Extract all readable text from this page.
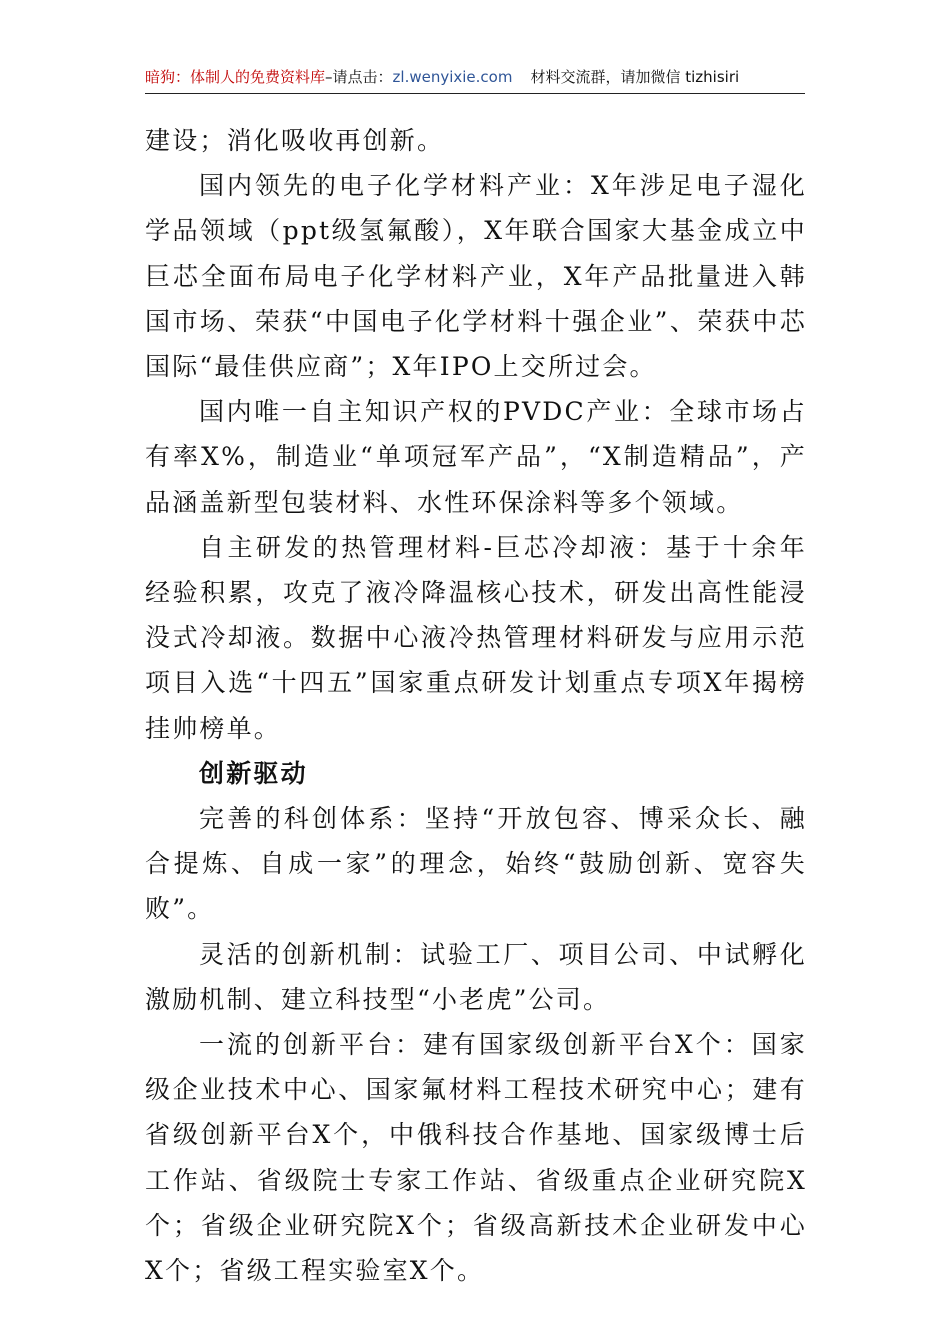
暗狗：体制人的免费资料库–请点击：zl.wenyixie.com 材料交流群，请加微信 tizhisiri

建设；消化吸收再创新。

国内领先的电子化学材料产业：X年涉足电子湿化学品领域（ppt级氢氟酸），X年联合国家大基金成立中巨芯全面布局电子化学材料产业，X年产品批量进入韩国市场、荣获“中国电子化学材料十强企业”、荣获中芯国际“最佳供应商”；X年IPO上交所过会。

国内唯一自主知识产权的PVDC产业：全球市场占有率X%，制造业“单项冠军产品”，“X制造精品”，产品涵盖新型包装材料、水性环保涂料等多个领域。

自主研发的热管理材料-巨芯冷却液：基于十余年经验积累，攻克了液冷降温核心技术，研发出高性能浸没式冷却液。数据中心液冷热管理材料研发与应用示范项目入选“十四五”国家重点研发计划重点专项X年揭榜挂帅榜单。

创新驱动

完善的科创体系：坚持“开放包容、博采众长、融合提炼、自成一家”的理念，始终“鼓励创新、宽容失败”。

灵活的创新机制：试验工厂、项目公司、中试孵化激励机制、建立科技型“小老虎”公司。

一流的创新平台：建有国家级创新平台X个：国家级企业技术中心、国家氟材料工程技术研究中心；建有省级创新平台X个，中俄科技合作基地、国家级博士后工作站、省级院士专家工作站、省级重点企业研究院X个；省级企业研究院X个；省级高新技术企业研发中心X个；省级工程实验室X个。
